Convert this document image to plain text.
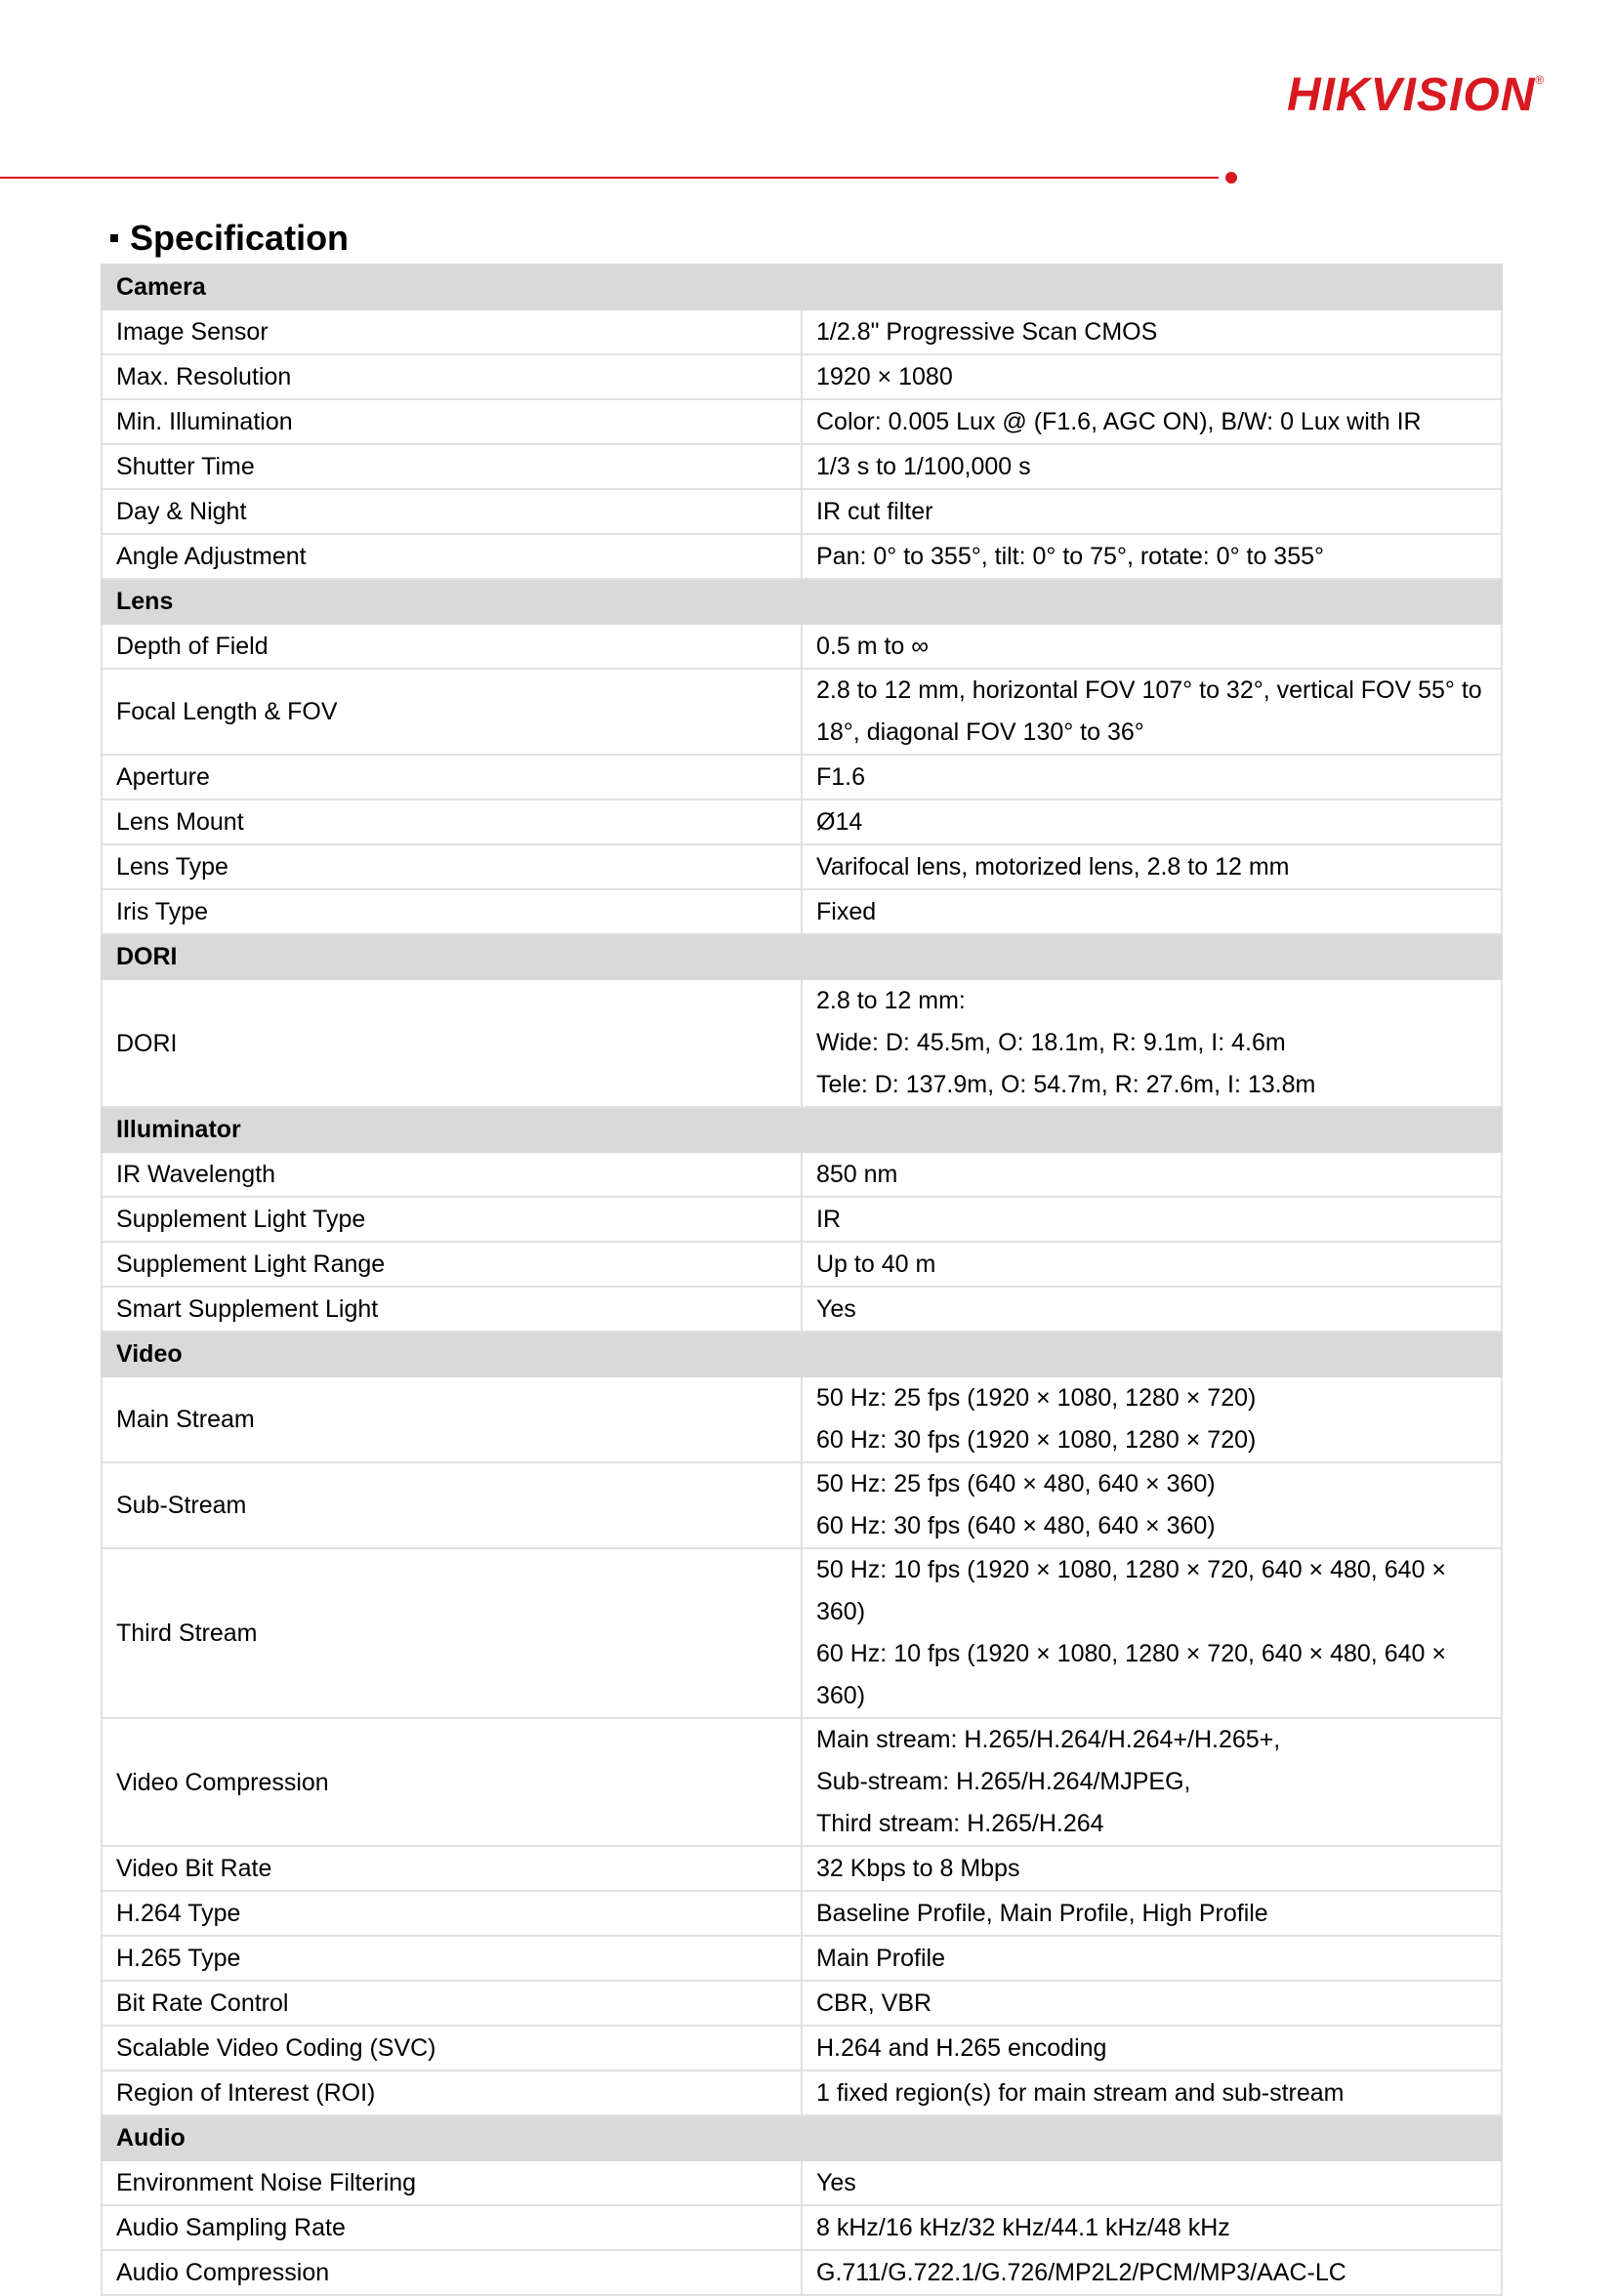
HIKVISION®
Specification
Camera	
Image Sensor	1/2.8" Progressive Scan CMOS

Max. Resolution	1920 × 1080

Min. Illumination	Color: 0.005 Lux @ (F1.6, AGC ON), B/W: 0 Lux with IR

Shutter Time	1/3 s to 1/100,000 s

Day & Night	IR cut filter

Angle Adjustment	Pan: 0° to 355°, tilt: 0° to 75°, rotate: 0° to 355°

Lens	
Depth of Field	0.5 m to ∞

Focal Length & FOV	2.8 to 12 mm, horizontal FOV 107° to 32°, vertical FOV 55° to 18°, diagonal FOV 130° to 36°

Aperture	F1.6

Lens Mount	Ø14

Lens Type	Varifocal lens, motorized lens, 2.8 to 12 mm

Iris Type	Fixed

DORI	
DORI	2.8 to 12 mm:
Wide: D: 45.5m, O: 18.1m, R: 9.1m, I: 4.6m
Tele: D: 137.9m, O: 54.7m, R: 27.6m, I: 13.8m

Illuminator	
IR Wavelength	850 nm

Supplement Light Type	IR

Supplement Light Range	Up to 40 m

Smart Supplement Light	Yes

Video	
Main Stream	50 Hz: 25 fps (1920 × 1080, 1280 × 720)
60 Hz: 30 fps (1920 × 1080, 1280 × 720)

Sub-Stream	50 Hz: 25 fps (640 × 480, 640 × 360)
60 Hz: 30 fps (640 × 480, 640 × 360)

Third Stream	50 Hz: 10 fps (1920 × 1080, 1280 × 720, 640 × 480, 640 × 360)
60 Hz: 10 fps (1920 × 1080, 1280 × 720, 640 × 480, 640 × 360)

Video Compression	Main stream: H.265/H.264/H.264+/H.265+,
Sub-stream: H.265/H.264/MJPEG,
Third stream: H.265/H.264

Video Bit Rate	32 Kbps to 8 Mbps

H.264 Type	Baseline Profile, Main Profile, High Profile

H.265 Type	Main Profile

Bit Rate Control	CBR, VBR

Scalable Video Coding (SVC)	H.264 and H.265 encoding

Region of Interest (ROI)	1 fixed region(s) for main stream and sub-stream

Audio	
Environment Noise Filtering	Yes

Audio Sampling Rate	8 kHz/16 kHz/32 kHz/44.1 kHz/48 kHz

Audio Compression	G.711/G.722.1/G.726/MP2L2/PCM/MP3/AAC-LC
